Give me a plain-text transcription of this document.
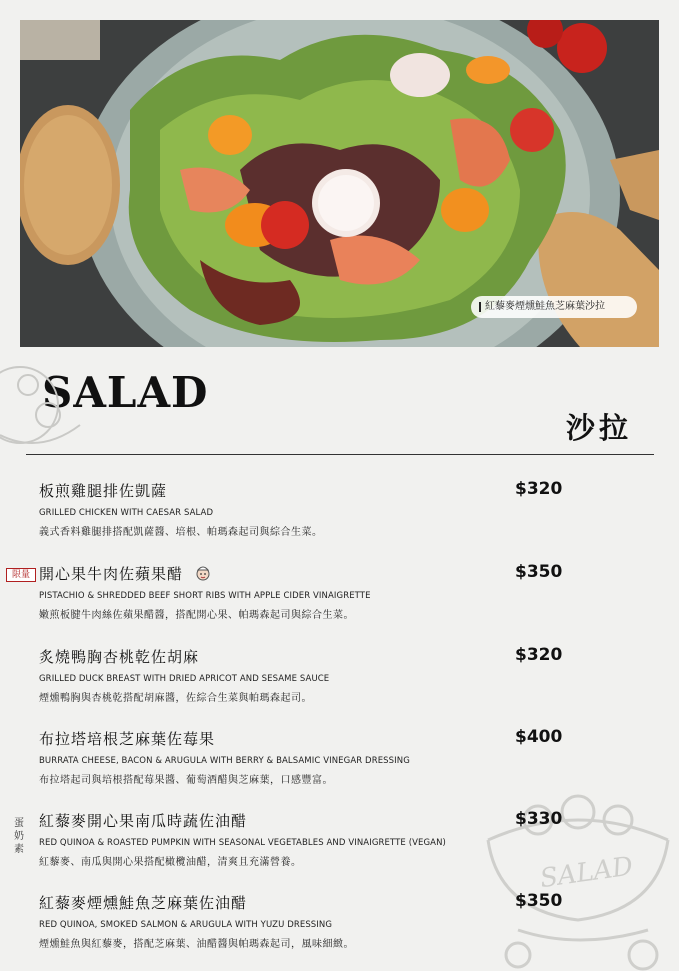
紅藜麥煙燻鮭魚芝麻葉沙拉
SALAD
沙拉
SALAD
限量
蛋
奶
素
板煎雞腿排佐凱薩
GRILLED CHICKEN WITH CAESAR SALAD
義式香料雞腿排搭配凱薩醬、培根、帕瑪森起司與綜合生菜。
$320
開心果牛肉佐蘋果醋
PISTACHIO & SHREDDED BEEF SHORT RIBS WITH APPLE CIDER VINAIGRETTE
嫩煎板腱牛肉絲佐蘋果醋醬，搭配開心果、帕瑪森起司與綜合生菜。
$350
炙燒鴨胸杏桃乾佐胡麻
GRILLED DUCK BREAST WITH DRIED APRICOT AND SESAME SAUCE
煙燻鴨胸與杏桃乾搭配胡麻醬，佐綜合生菜與帕瑪森起司。
$320
布拉塔培根芝麻葉佐莓果
BURRATA CHEESE, BACON & ARUGULA WITH BERRY & BALSAMIC VINEGAR DRESSING
布拉塔起司與培根搭配莓果醬、葡萄酒醋與芝麻葉，口感豐富。
$400
紅藜麥開心果南瓜時蔬佐油醋
RED QUINOA & ROASTED PUMPKIN WITH SEASONAL VEGETABLES AND VINAIGRETTE (VEGAN)
紅藜麥、南瓜與開心果搭配橄欖油醋，清爽且充滿營養。
$330
紅藜麥煙燻鮭魚芝麻葉佐油醋
RED QUINOA, SMOKED SALMON & ARUGULA WITH YUZU DRESSING
煙燻鮭魚與紅藜麥，搭配芝麻葉、油醋醬與帕瑪森起司，風味細緻。
$350
